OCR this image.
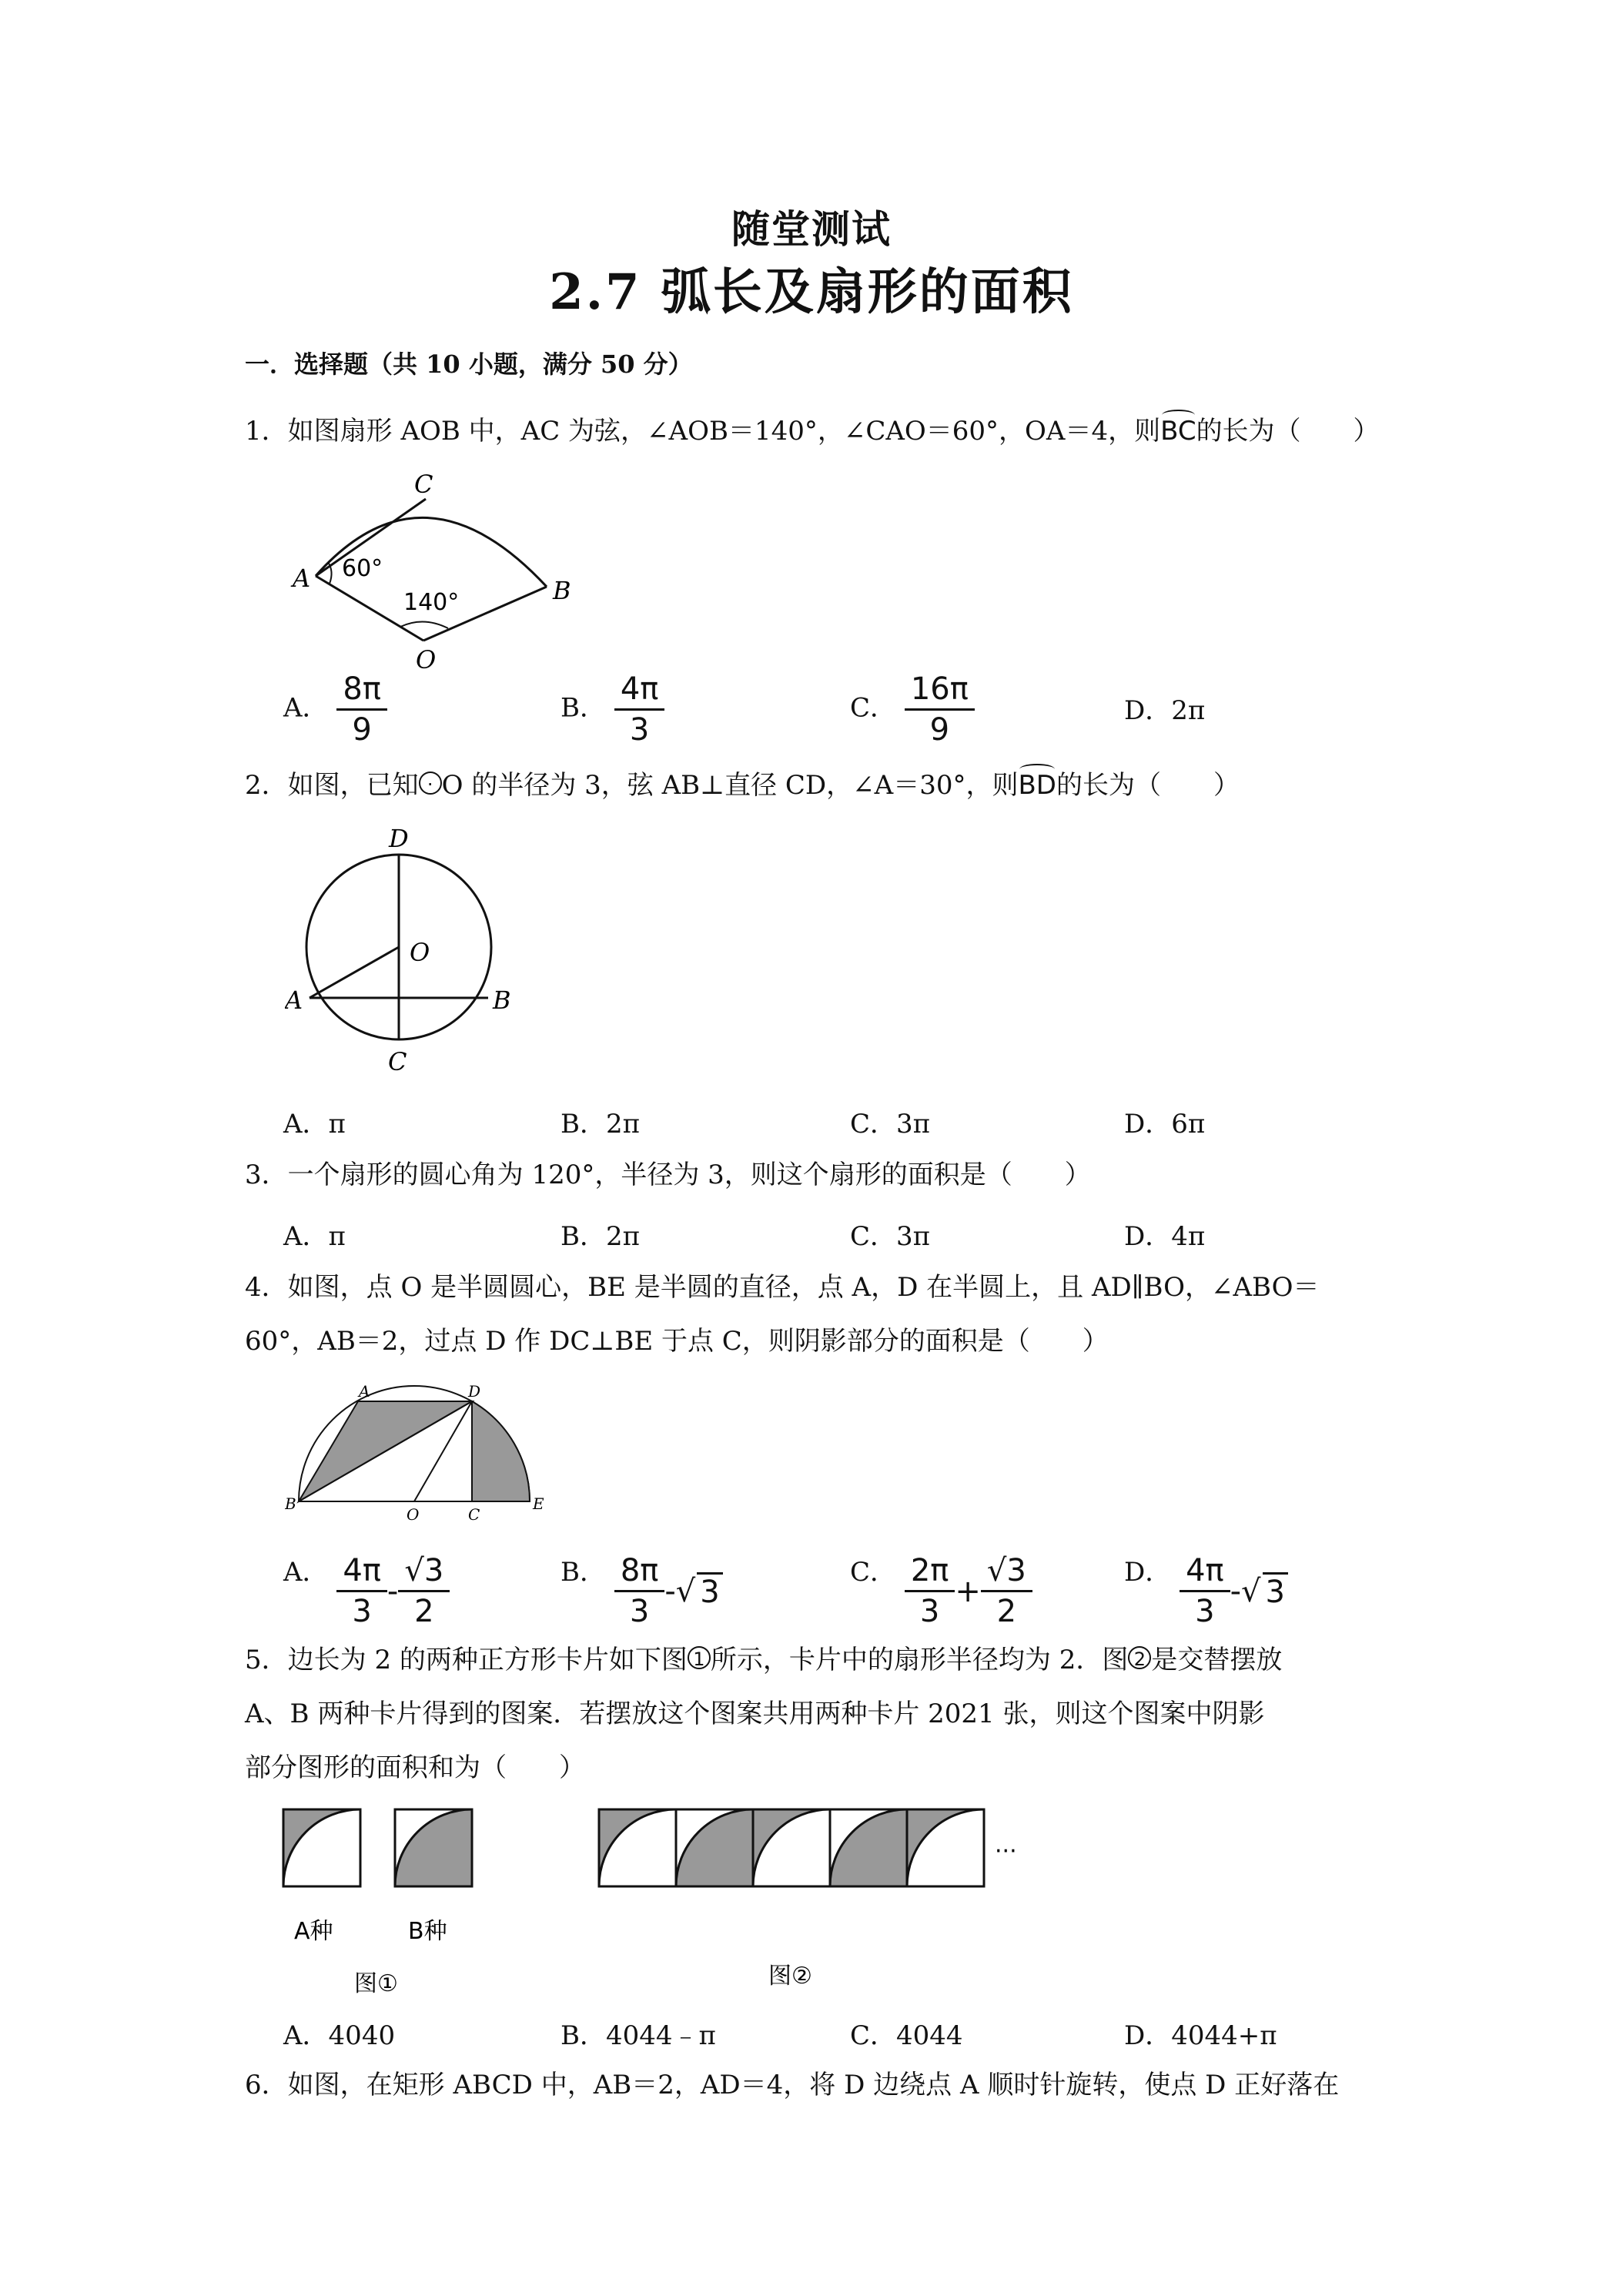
随堂测试
2.7 弧长及扇形的面积
一．选择题（共 10 小题，满分 50 分）
1．如图扇形 AOB 中，AC 为弦，∠AOB＝140°，∠CAO＝60°，OA＝4，则BC的长为（　　）
A
C
B
O
60°
140°
A． $\frac{8\pi}{9}$	B． $\frac{4\pi}{3}$	C． $\frac{16\pi}{9}$	D．2π
2．如图，已知 · O 的半径为 3，弦 AB⊥直径 CD，∠A＝30°，则BD的长为（　　）
D
O
A	B
C
A．π	B．2π	C．3π	D．6π
3．一个扇形的圆心角为 120°，半径为 3，则这个扇形的面积是（　　）
A．π	B．2π	C．3π	D．4π
4．如图，点 O 是半圆圆心，BE 是半圆的直径，点 A，D 在半圆上，且 AD∥BO，∠ABO＝
60°，AB＝2，过点 D 作 DC⊥BE 于点 C，则阴影部分的面积是（　　）
A	D
B
O	C
E
A． $\frac{4\pi}{3} - \frac{√3}{2}$	B． $\frac{8\pi}{3}$ - √ 3
C． $\frac{2\pi}{3} + \frac{√3}{2}$	D． $\frac{4\pi}{3}$ - √ 3
5．边长为 2 的两种正方形卡片如下图 1 所示，卡片中的扇形半径均为 2．图 2 是交替摆放
A、B 两种卡片得到的图案．若摆放这个图案共用两种卡片 2021 张，则这个图案中阴影
部分图形的面积和为（　　）
···
A种	B种
图①	图②
A．4040	B．4044﹣π	C．4044	D．4044+π
6．如图，在矩形 ABCD 中，AB＝2，AD＝4，将 D 边绕点 A 顺时针旋转，使点 D 正好落在
